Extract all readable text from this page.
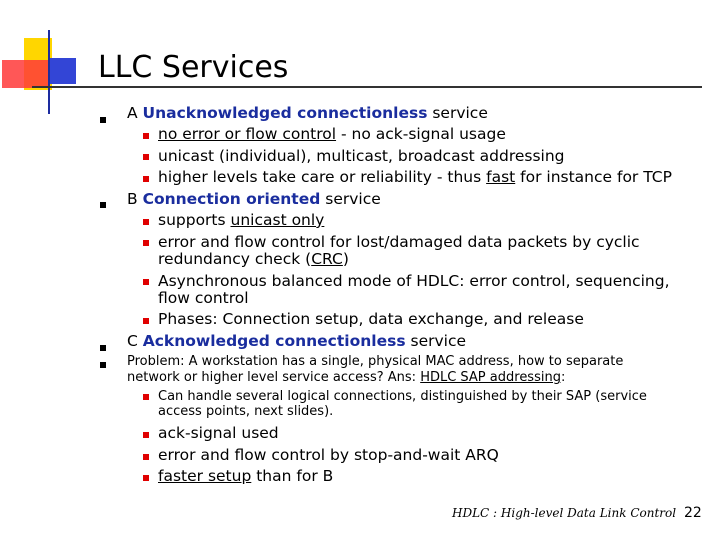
LLC Services
A Unacknowledged connectionless service
no error or flow control - no ack-signal usage
unicast (individual), multicast, broadcast addressing
higher levels take care or reliability - thus fast for instance for TCP
B Connection oriented service
supports unicast only
error and flow control for lost/damaged data packets by cyclic
redundancy check (CRC)
Asynchronous balanced mode of HDLC: error control, sequencing,
flow control
Phases: Connection setup, data exchange, and release
C Acknowledged connectionless service
Problem: A workstation has a single, physical MAC address, how to separate
network or higher level service access? Ans: HDLC SAP addressing:
Can handle several logical connections, distinguished by their SAP (service
access points, next slides).
ack-signal used
error and flow control by stop-and-wait ARQ
faster setup than for B
HDLC : High-level Data Link Control 22
